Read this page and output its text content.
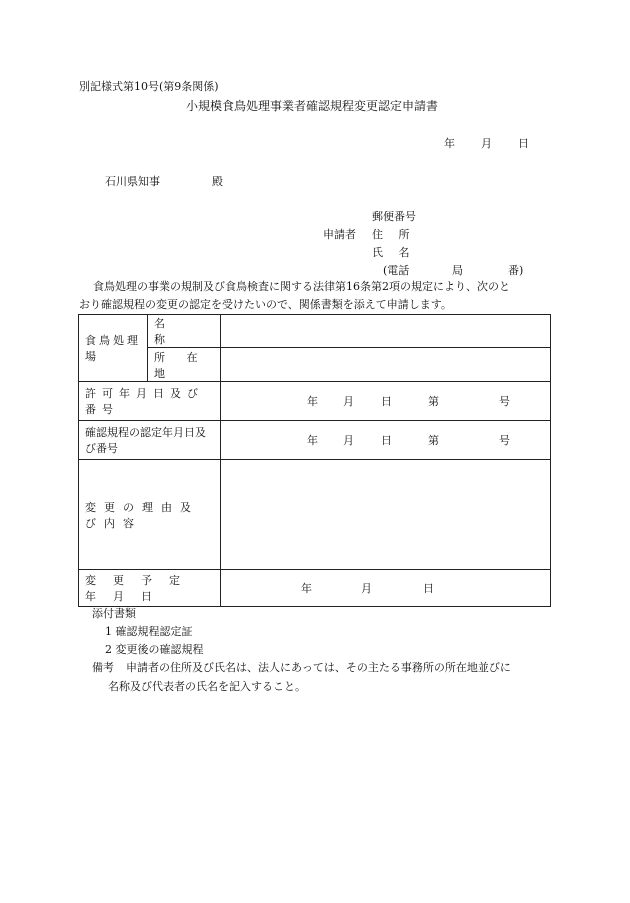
別記様式第10号(第9条関係)
小規模食鳥処理事業者確認規程変更認定申請書
年 月 日
石川県知事	殿
郵便番号
申請者 住 所
氏 名
(電話	局	番)
食鳥処理の事業の規制及び食鳥検査に関する法律第16条第2項の規定により、次のと
おり確認規程の変更の認定を受けたいので、関係書類を添えて申請します。
食鳥処理場	名 称	
	所 在 地	
許可年月日及び番号		年 月 日 第 号

確認規程の認定年月日及び番号		年 月 日 第 号

変更の理由及び内容		
変更予定年月日		年 月 日
添付書類
1 確認規程認定証
2 変更後の確認規程
備考 申請者の住所及び氏名は、法人にあっては、その主たる事務所の所在地並びに
名称及び代表者の氏名を記入すること。
